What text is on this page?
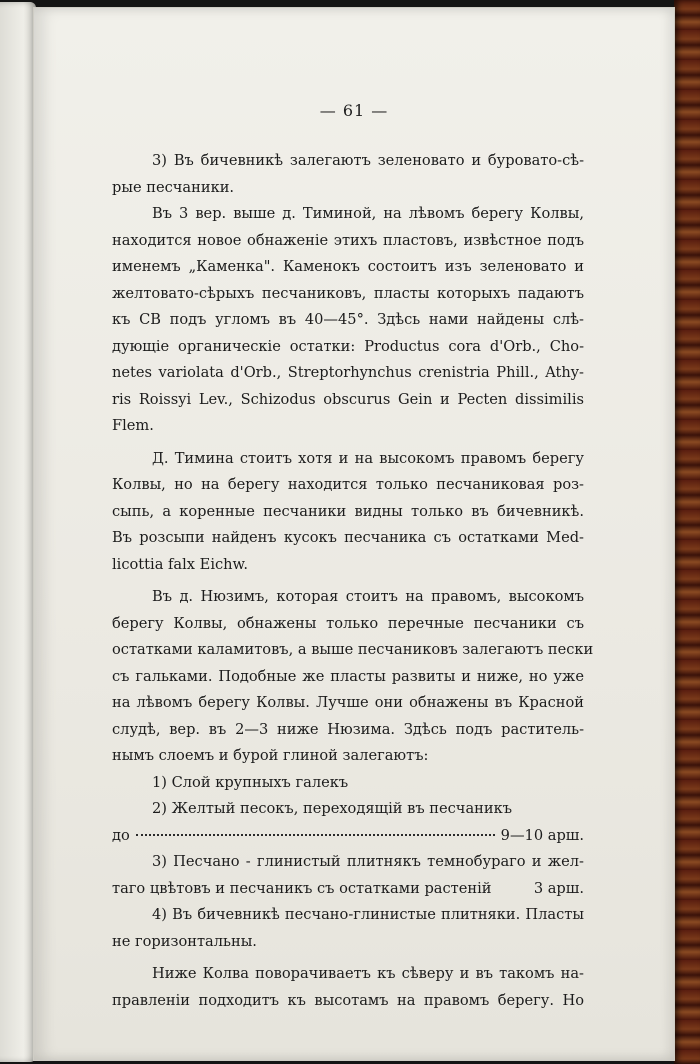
— 61 —

3) Въ бичевникѣ залегаютъ зеленовато и буровато-сѣ-
рые песчаники.

Въ 3 вер. выше д. Тиминой, на лѣвомъ берегу Колвы,
находится новое обнаженіе этихъ пластовъ, извѣстное подъ
именемъ „Каменка". Каменокъ состоитъ изъ зеленовато и
желтовато-сѣрыхъ песчаниковъ, пласты которыхъ падаютъ
къ СВ подъ угломъ въ 40—45°. Здѣсь нами найдены слѣ-
дующіе органическіе остатки: Productus cora d'Orb., Cho-
netes variolata d'Orb., Streptorhynchus crenistria Phill., Athy-
ris Roissyi Lev., Schizodus obscurus Gein и Pecten dissimilis
Flem.

Д. Тимина стоитъ хотя и на высокомъ правомъ берегу
Колвы, но на берегу находится только песчаниковая роз-
сыпь, а коренные песчаники видны только въ бичевникѣ.
Въ розсыпи найденъ кусокъ песчаника съ остатками Med-
licottia falx Eichw.

Въ д. Нюзимъ, которая стоитъ на правомъ, высокомъ
берегу Колвы, обнажены только перечные песчаники съ
остатками каламитовъ, а выше песчаниковъ залегаютъ пески
съ гальками. Подобные же пласты развиты и ниже, но уже
на лѣвомъ берегу Колвы. Лучше они обнажены въ Красной
слудѣ, вер. въ 2—3 ниже Нюзима. Здѣсь подъ раститель-
нымъ слоемъ и бурой глиной залегаютъ:

1) Слой крупныхъ галекъ
2) Желтый песокъ, переходящій въ песчаникъ
до	9—10 арш.
3) Песчано - глинистый плитнякъ темнобураго и жел-
таго цвѣтовъ и песчаникъ съ остатками растеній	3 арш.
4) Въ бичевникѣ песчано-глинистые плитняки. Пласты
не горизонтальны.

Ниже Колва поворачиваетъ къ сѣверу и въ такомъ на-
правленіи подходитъ къ высотамъ на правомъ берегу. Но
